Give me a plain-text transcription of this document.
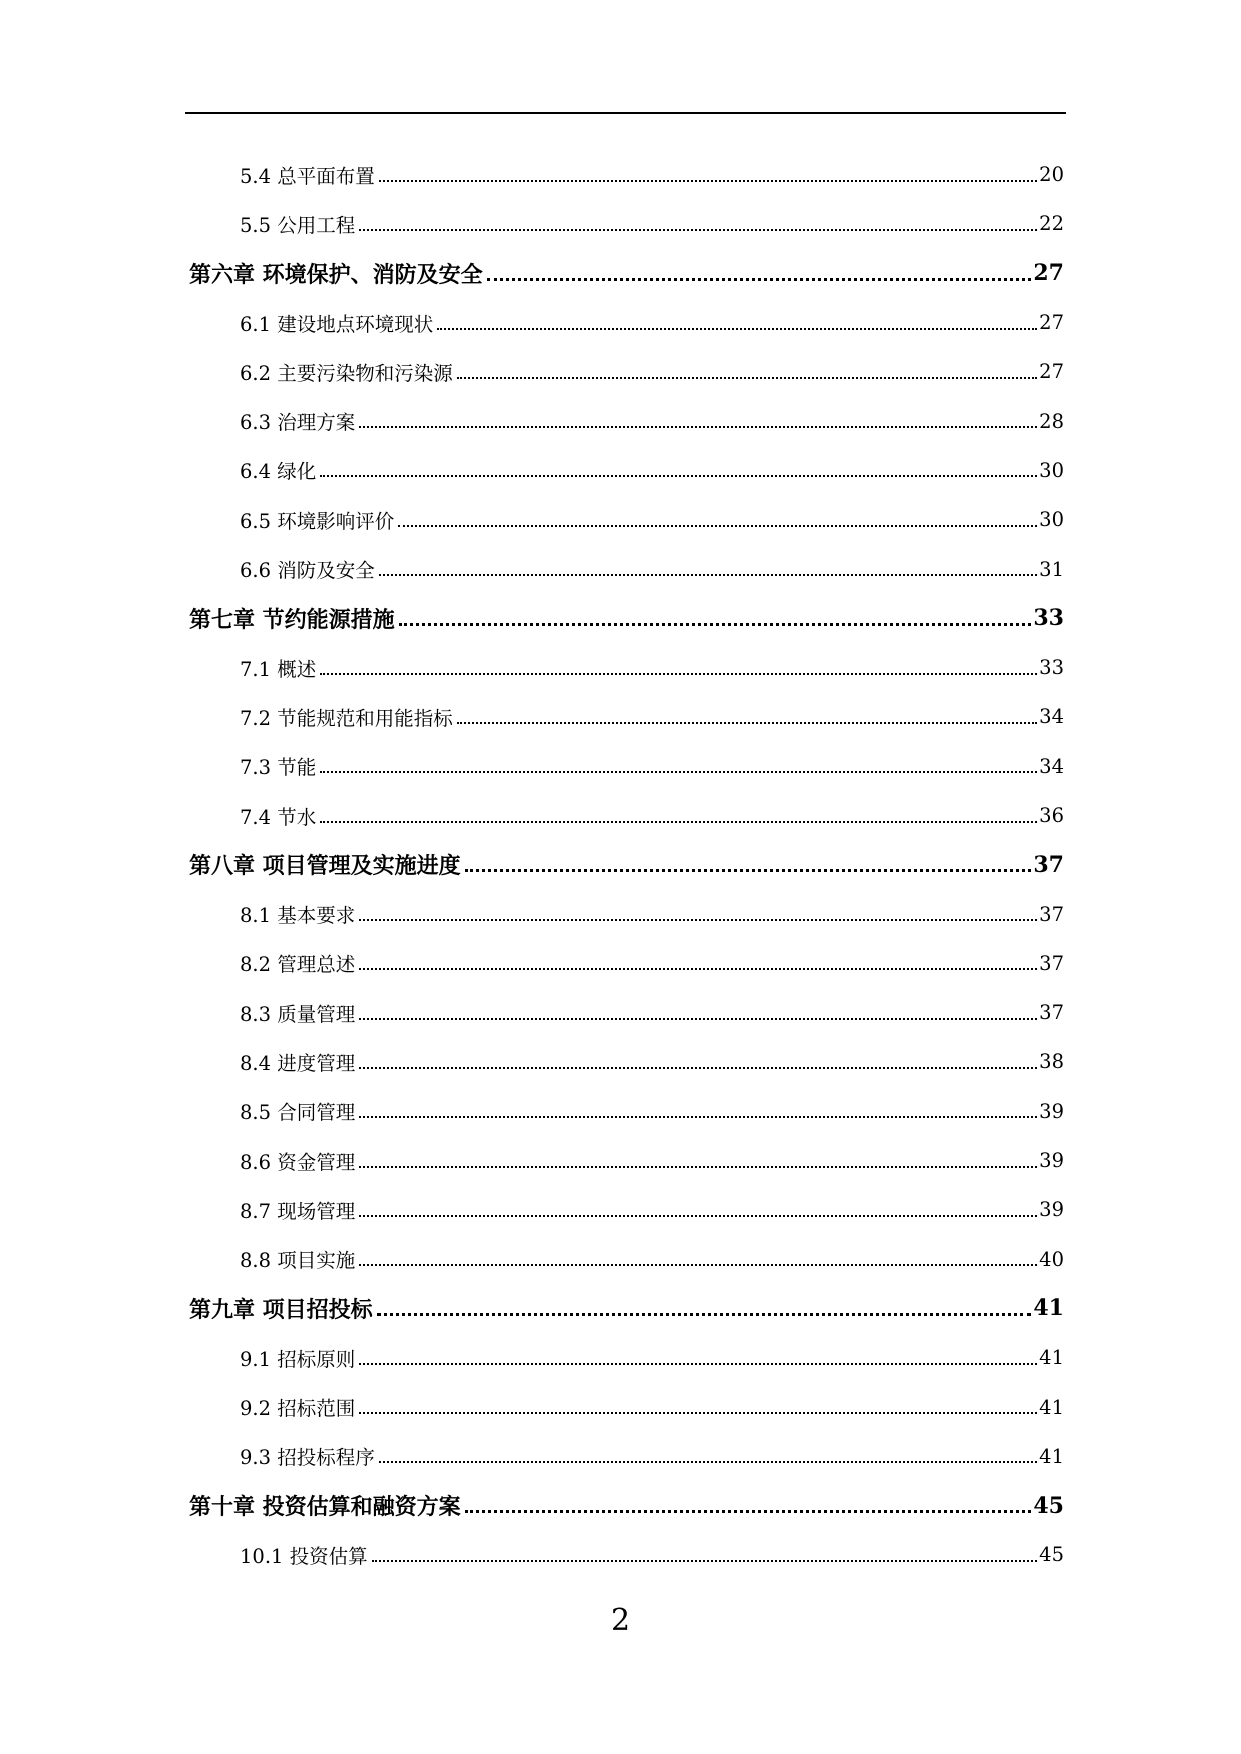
5.4 总平面布置	20
5.5 公用工程	22
第六章 环境保护、消防及安全	27
6.1 建设地点环境现状	27
6.2 主要污染物和污染源	27
6.3 治理方案	28
6.4 绿化	30
6.5 环境影响评价	30
6.6 消防及安全	31
第七章 节约能源措施	33
7.1 概述	33
7.2 节能规范和用能指标	34
7.3 节能	34
7.4 节水	36
第八章 项目管理及实施进度	37
8.1 基本要求	37
8.2 管理总述	37
8.3 质量管理	37
8.4 进度管理	38
8.5 合同管理	39
8.6 资金管理	39
8.7 现场管理	39
8.8 项目实施	40
第九章 项目招投标	41
9.1 招标原则	41
9.2 招标范围	41
9.3 招投标程序	41
第十章 投资估算和融资方案	45
10.1 投资估算	45
2
